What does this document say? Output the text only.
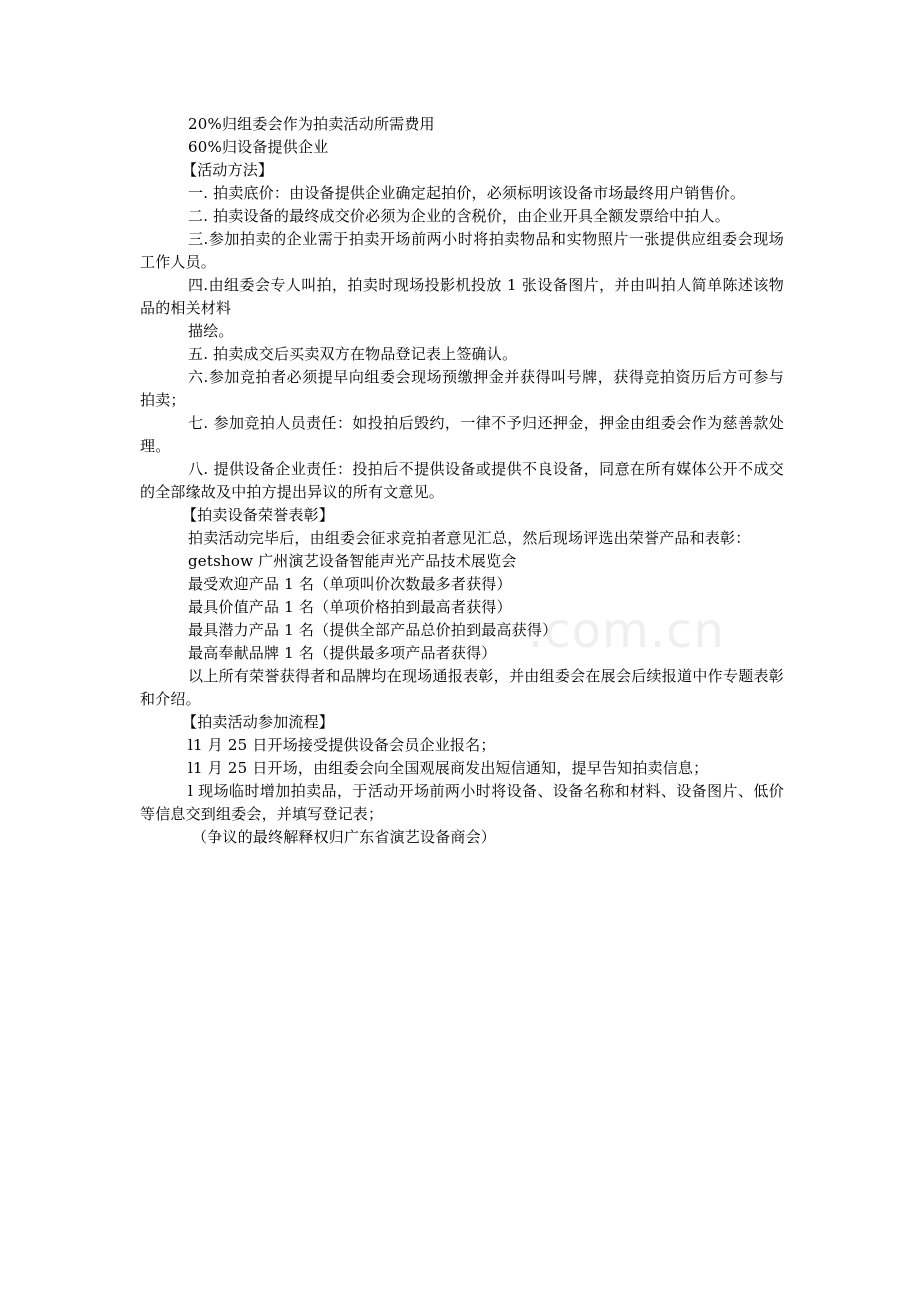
20%归组委会作为拍卖活动所需费用
60%归设备提供企业
【活动方法】
一. 拍卖底价：由设备提供企业确定起拍价，必须标明该设备市场最终用户销售价。
二. 拍卖设备的最终成交价必须为企业的含税价，由企业开具全额发票给中拍人。
三.参加拍卖的企业需于拍卖开场前两小时将拍卖物品和实物照片一张提供应组委会现场工作人员。
四.由组委会专人叫拍，拍卖时现场投影机投放 1 张设备图片，并由叫拍人简单陈述该物品的相关材料
描绘。
五. 拍卖成交后买卖双方在物品登记表上签确认。
六.参加竞拍者必须提早向组委会现场预缴押金并获得叫号牌，获得竞拍资历后方可参与拍卖；
七. 参加竞拍人员责任：如投拍后毁约，一律不予归还押金，押金由组委会作为慈善款处理。
八. 提供设备企业责任：投拍后不提供设备或提供不良设备，同意在所有媒体公开不成交的全部缘故及中拍方提出异议的所有文意见。
【拍卖设备荣誉表彰】
拍卖活动完毕后，由组委会征求竞拍者意见汇总，然后现场评选出荣誉产品和表彰：
getshow 广州演艺设备智能声光产品技术展览会
最受欢迎产品 1 名（单项叫价次数最多者获得）
最具价值产品 1 名（单项价格拍到最高者获得）
最具潜力产品 1 名（提供全部产品总价拍到最高获得）
最高奉献品牌 1 名（提供最多项产品者获得）
以上所有荣誉获得者和品牌均在现场通报表彰，并由组委会在展会后续报道中作专题表彰和介绍。
【拍卖活动参加流程】
l1 月 25 日开场接受提供设备会员企业报名；
l1 月 25 日开场，由组委会向全国观展商发出短信通知，提早告知拍卖信息；
l 现场临时增加拍卖品，于活动开场前两小时将设备、设备名称和材料、设备图片、低价等信息交到组委会，并填写登记表；
（争议的最终解释权归广东省演艺设备商会）
.com.cn
